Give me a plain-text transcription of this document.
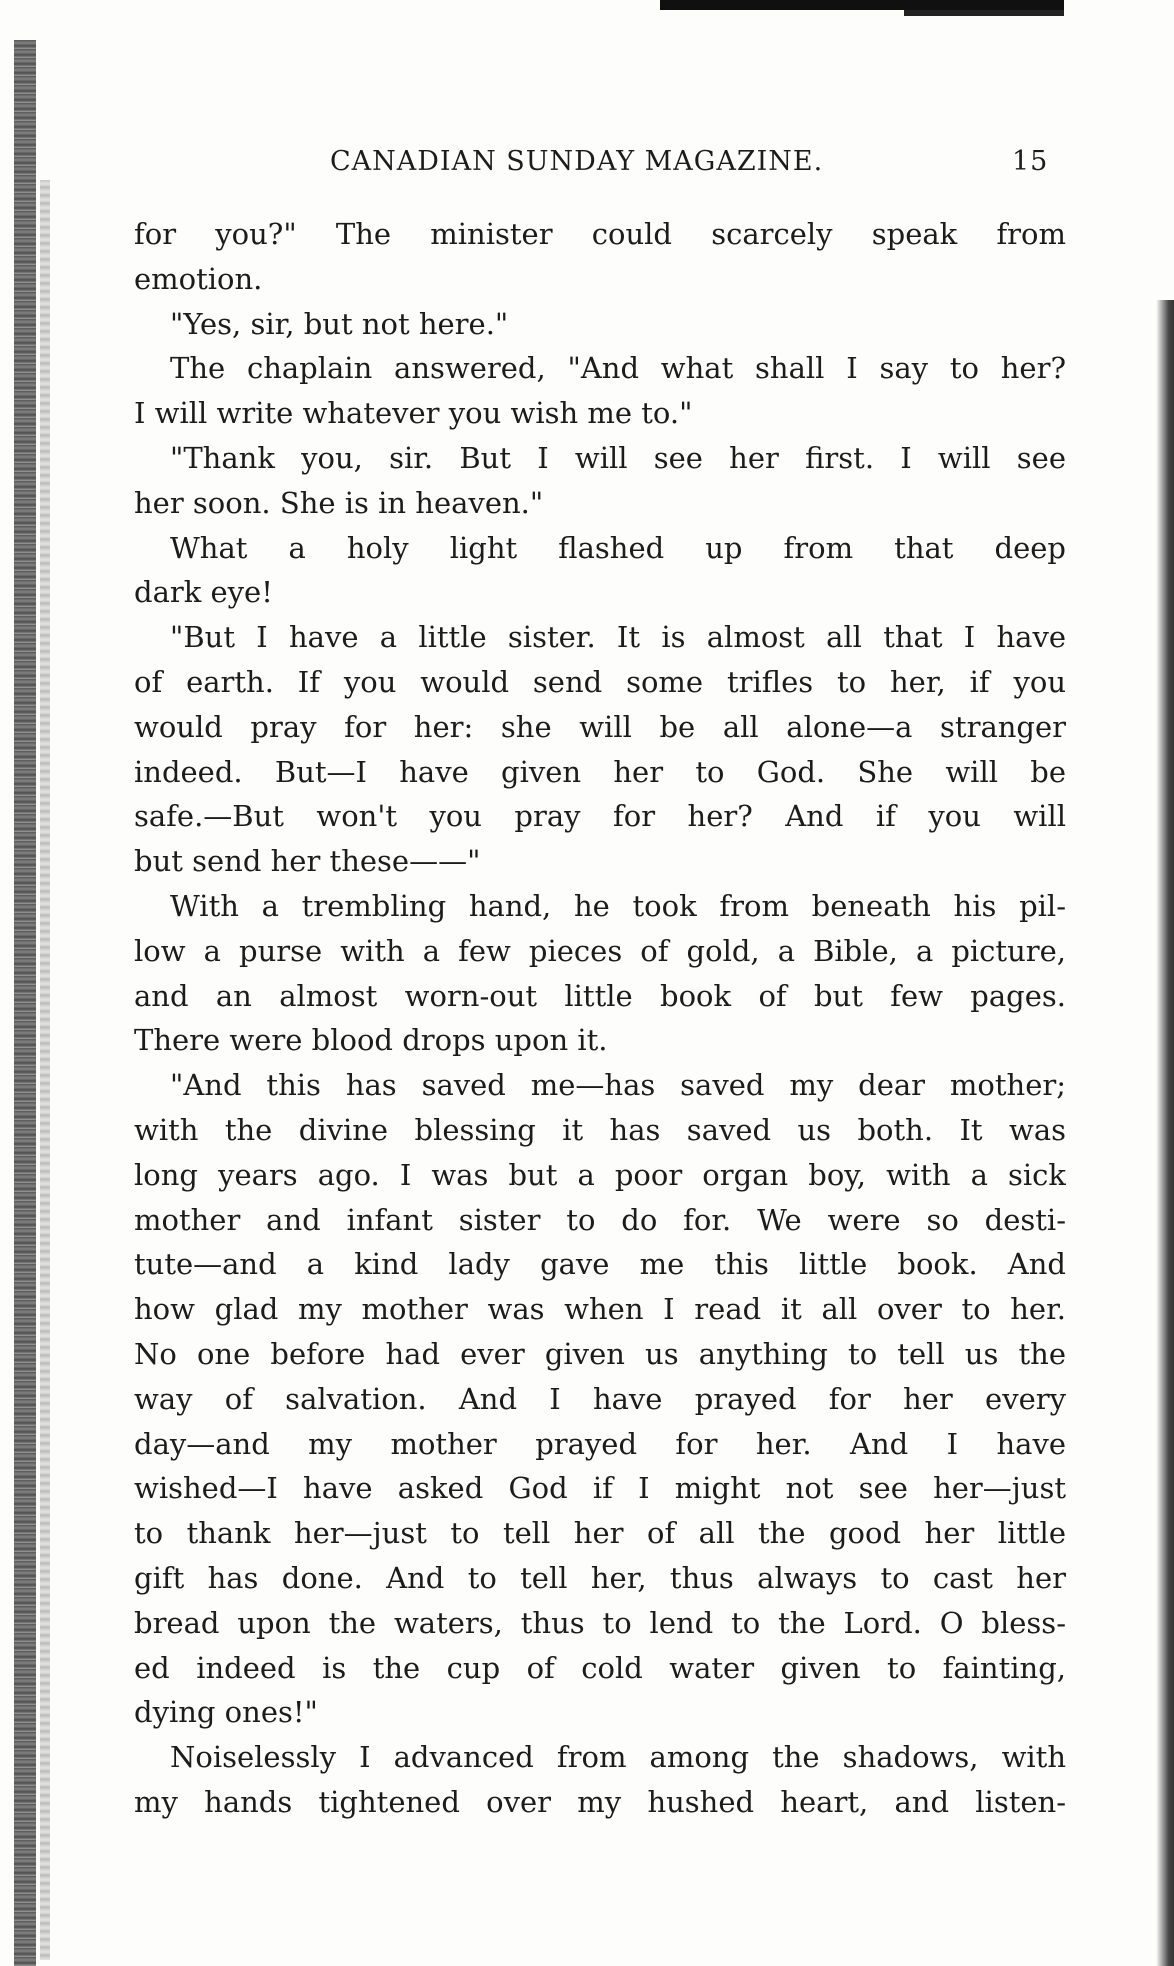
CANADIAN SUNDAY MAGAZINE.	15
for you?" The minister could scarcely speak from
emotion.
"Yes, sir, but not here."
The chaplain answered, "And what shall I say to her?
I will write whatever you wish me to."
"Thank you, sir. But I will see her first. I will see
her soon. She is in heaven."
What a holy light flashed up from that deep
dark eye!
"But I have a little sister. It is almost all that I have
of earth. If you would send some trifles to her, if you
would pray for her: she will be all alone—a stranger
indeed. But—I have given her to God. She will be
safe.—But won't you pray for her? And if you will
but send her these——"
With a trembling hand, he took from beneath his pil-
low a purse with a few pieces of gold, a Bible, a picture,
and an almost worn-out little book of but few pages.
There were blood drops upon it.
"And this has saved me—has saved my dear mother;
with the divine blessing it has saved us both. It was
long years ago. I was but a poor organ boy, with a sick
mother and infant sister to do for. We were so desti-
tute—and a kind lady gave me this little book. And
how glad my mother was when I read it all over to her.
No one before had ever given us anything to tell us the
way of salvation. And I have prayed for her every
day—and my mother prayed for her. And I have
wished—I have asked God if I might not see her—just
to thank her—just to tell her of all the good her little
gift has done. And to tell her, thus always to cast her
bread upon the waters, thus to lend to the Lord. O bless-
ed indeed is the cup of cold water given to fainting,
dying ones!"
Noiselessly I advanced from among the shadows, with
my hands tightened over my hushed heart, and listen-
